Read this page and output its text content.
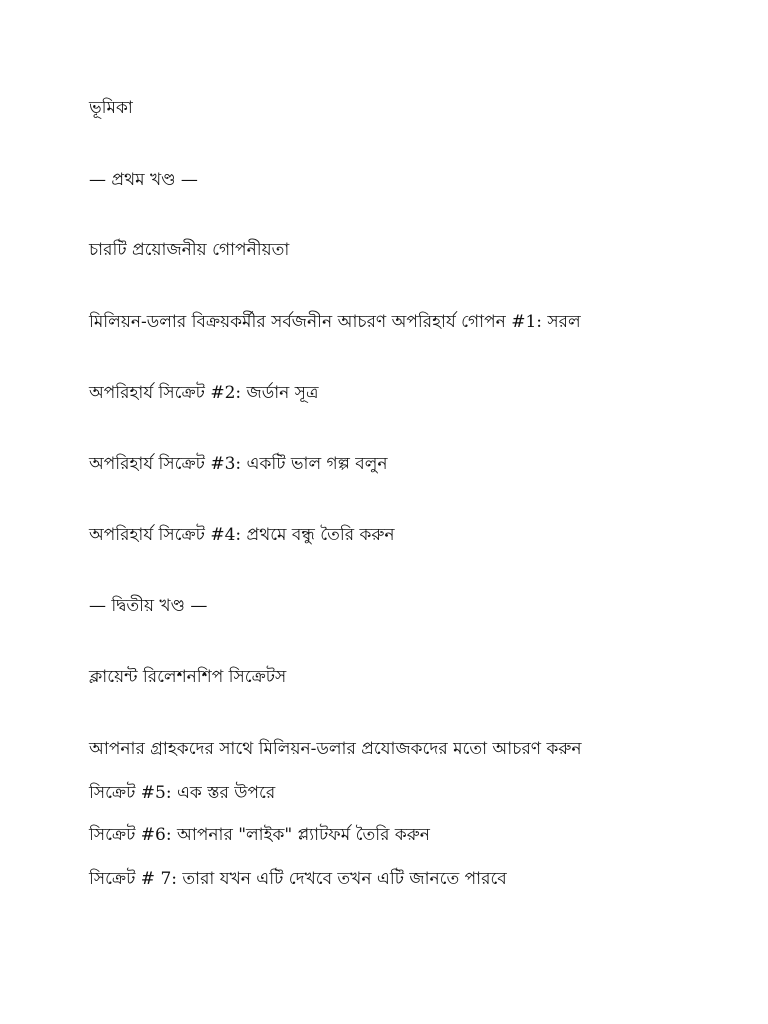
ভূমিকা

— প্রথম খণ্ড —

চারটি প্রয়োজনীয় গোপনীয়তা

মিলিয়ন-ডলার বিক্রয়কর্মীর সর্বজনীন আচরণ অপরিহার্য গোপন #1: সরল

অপরিহার্য সিক্রেট #2: জর্ডান সূত্র

অপরিহার্য সিক্রেট #3: একটি ভাল গল্প বলুন

অপরিহার্য সিক্রেট #4: প্রথমে বন্ধু তৈরি করুন

— দ্বিতীয় খণ্ড —

ক্লায়েন্ট রিলেশনশিপ সিক্রেটস

আপনার গ্রাহকদের সাথে মিলিয়ন-ডলার প্রযোজকদের মতো আচরণ করুন

সিক্রেট #5: এক স্তর উপরে

সিক্রেট #6: আপনার "লাইক" প্ল্যাটফর্ম তৈরি করুন

সিক্রেট # 7: তারা যখন এটি দেখবে তখন এটি জানতে পারবে
